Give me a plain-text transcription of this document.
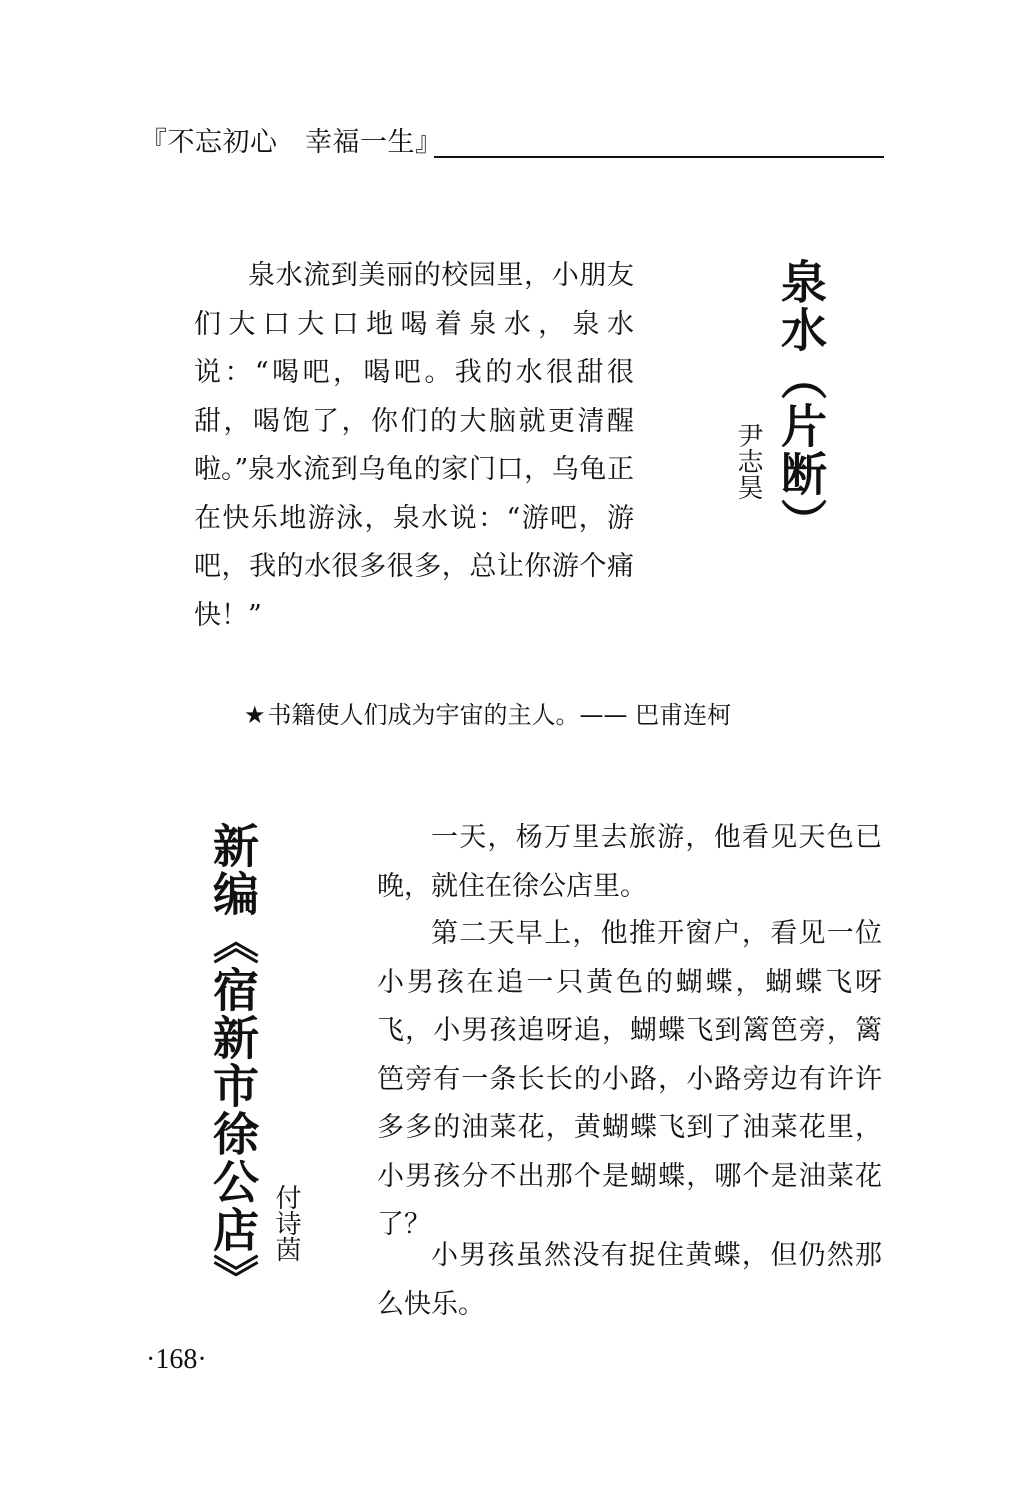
『不忘初心　幸福一生』
泉水（片断）
尹志昊

泉水流到美丽的校园里，小朋友们大口大口地喝着泉水，泉水说：“喝吧，喝吧。我的水很甜很甜，喝饱了，你们的大脑就更清醒啦。” 泉水流到乌龟的家门口，乌龟正在快乐地游泳，泉水说：“游吧，游吧，我的水很多很多，总让你游个痛快！”

★书籍使人们成为宇宙的主人。—— 巴甫连柯
新编《宿新市徐公店》 付诗茵

一天，杨万里去旅游，他看见天色已晚，就住在徐公店里。

第二天早上，他推开窗户，看见一位小男孩在追一只黄色的蝴蝶，蝴蝶飞呀飞，小男孩追呀追，蝴蝶飞到篱笆旁，篱笆旁有一条长长的小路，小路旁边有许许多多的油菜花，黄蝴蝶飞到了油菜花里，小男孩分不出那个是蝴蝶，哪个是油菜花了？

小男孩虽然没有捉住黄蝶，但仍然那么快乐。

·168·
